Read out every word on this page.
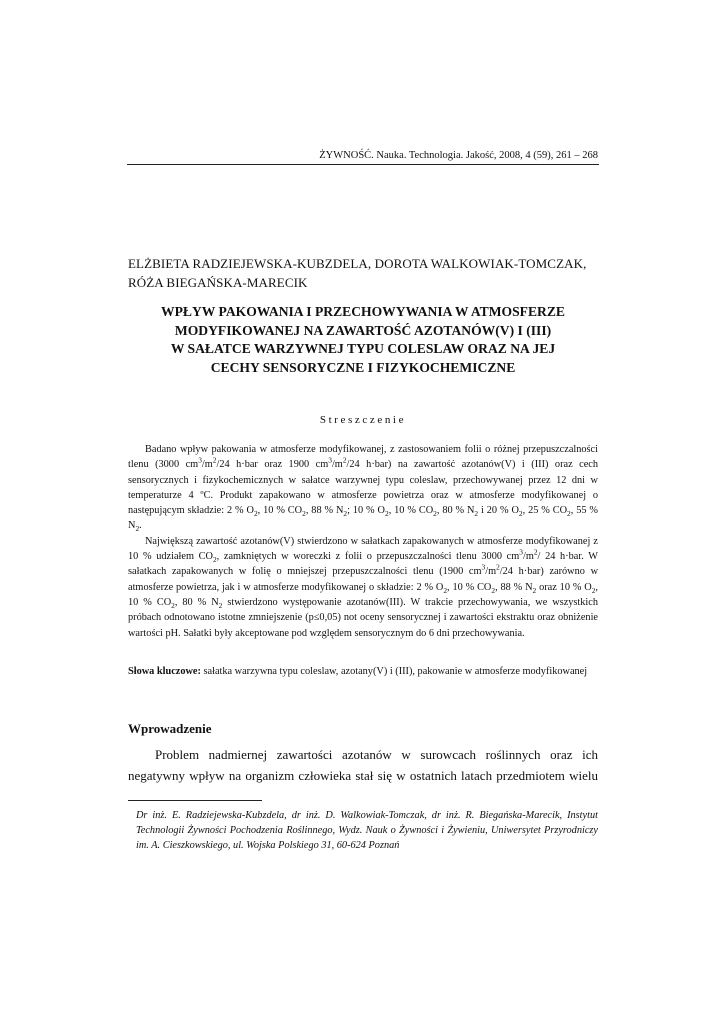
ŻYWNOŚĆ. Nauka. Technologia. Jakość, 2008, 4 (59), 261 – 268
ELŻBIETA RADZIEJEWSKA-KUBZDELA, DOROTA WALKOWIAK-TOMCZAK, RÓŻA BIEGAŃSKA-MARECIK
WPŁYW PAKOWANIA I PRZECHOWYWANIA W ATMOSFERZE
MODYFIKOWANEJ NA ZAWARTOŚĆ AZOTANÓW(V) I (III)
W SAŁATCE WARZYWNEJ TYPU COLESLAW ORAZ NA JEJ
CECHY SENSORYCZNE I FIZYKOCHEMICZNE
Streszczenie

Badano wpływ pakowania w atmosferze modyfikowanej, z zastosowaniem folii o różnej przepuszczalności tlenu (3000 $cm^3/m^2/24$ h·bar oraz 1900 $cm^3/m^2/24$ h·bar) na zawartość azotanów(V) i (III) oraz cech sensorycznych i fizykochemicznych w sałatce warzywnej typu coleslaw, przechowywanej przez 12 dni w temperaturze 4 ºC. Produkt zapakowano w atmosferze powietrza oraz w atmosferze modyfikowanej o następującym składzie: 2 % $O_2$, 10 % $CO_2$, 88 % $N_2$; 10 % $O_2$, 10 % $CO_2$, 80 % $N_2$ i 20 % $O_2$, 25 % $CO_2$, 55 % $N_2$.

Największą zawartość azotanów(V) stwierdzono w sałatkach zapakowanych w atmosferze modyfikowanej z 10 % udziałem $CO_2$, zamkniętych w woreczki z folii o przepuszczalności tlenu 3000 $cm^3/m^2/$ 24 h·bar. W sałatkach zapakowanych w folię o mniejszej przepuszczalności tlenu (1900 $cm^3/m^2/24$ h·bar) zarówno w atmosferze powietrza, jak i w atmosferze modyfikowanej o składzie: 2 % $O_2$, 10 % $CO_2$, 88 % $N_2$ oraz 10 % $O_2$, 10 % $CO_2$, 80 % $N_2$ stwierdzono występowanie azotanów(III). W trakcie przechowywania, we wszystkich próbach odnotowano istotne zmniejszenie (p≤0,05) not oceny sensorycznej i zawartości ekstraktu oraz obniżenie wartości pH. Sałatki były akceptowane pod względem sensorycznym do 6 dni przechowywania.

Słowa kluczowe: sałatka warzywna typu coleslaw, azotany(V) i (III), pakowanie w atmosferze modyfikowanej
Wprowadzenie

Problem nadmiernej zawartości azotanów w surowcach roślinnych oraz ich negatywny wpływ na organizm człowieka stał się w ostatnich latach przedmiotem wielu

Dr inż. E. Radziejewska-Kubzdela, dr inż. D. Walkowiak-Tomczak, dr inż. R. Biegańska-Marecik, Instytut Technologii Żywności Pochodzenia Roślinnego, Wydz. Nauk o Żywności i Żywieniu, Uniwersytet Przyrodniczy im. A. Cieszkowskiego, ul. Wojska Polskiego 31, 60-624 Poznań
